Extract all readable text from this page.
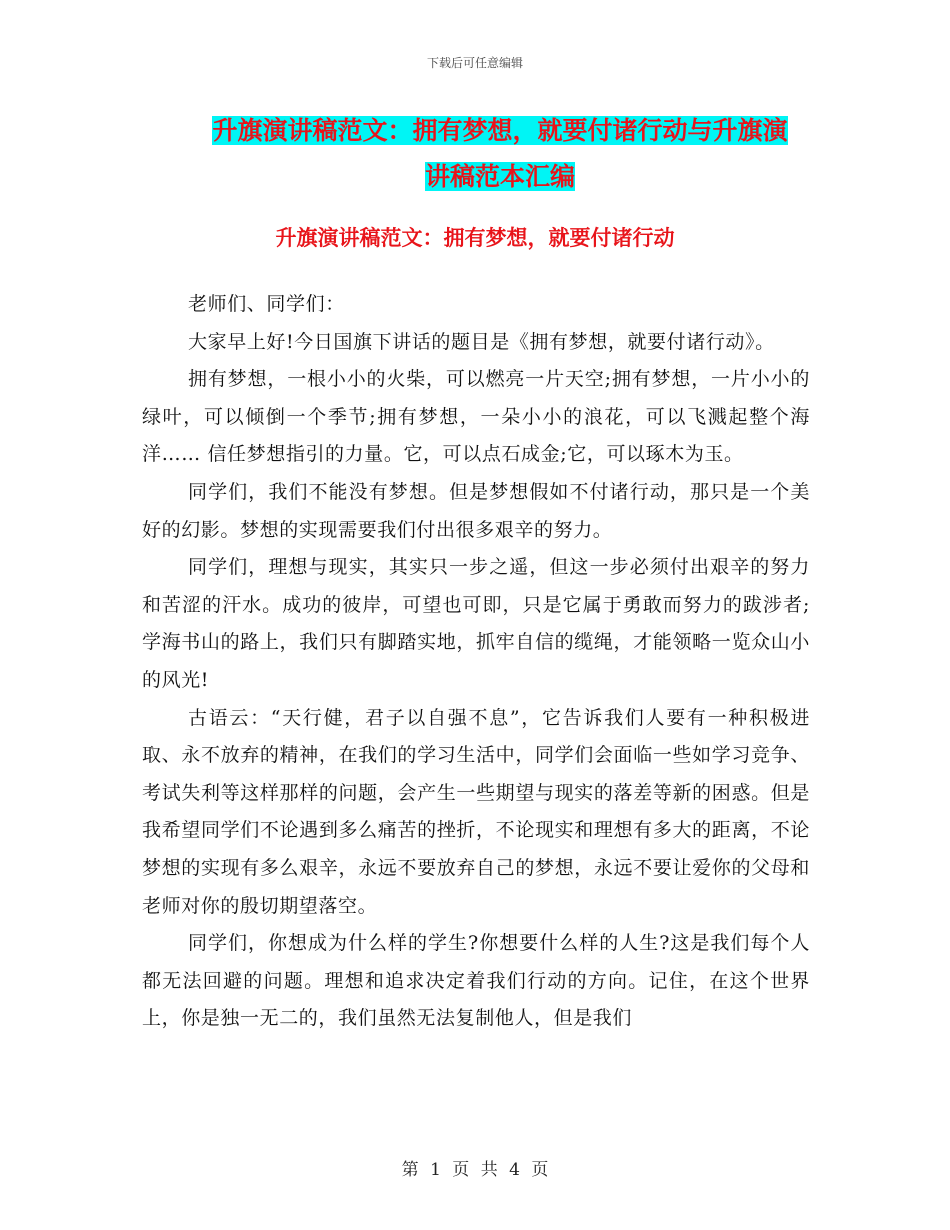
下载后可任意编辑
升旗演讲稿范文：拥有梦想，就要付诸行动与升旗演
讲稿范本汇编
升旗演讲稿范文：拥有梦想，就要付诸行动

老师们、同学们：

大家早上好!今日国旗下讲话的题目是《拥有梦想，就要付诸行动》。

拥有梦想，一根小小的火柴，可以燃亮一片天空;拥有梦想，一片小小的绿叶，可以倾倒一个季节;拥有梦想，一朵小小的浪花，可以飞溅起整个海洋…… 信任梦想指引的力量。它，可以点石成金;它，可以琢木为玉。

同学们，我们不能没有梦想。但是梦想假如不付诸行动，那只是一个美好的幻影。梦想的实现需要我们付出很多艰辛的努力。

同学们，理想与现实，其实只一步之遥，但这一步必须付出艰辛的努力和苦涩的汗水。成功的彼岸，可望也可即，只是它属于勇敢而努力的跋涉者;学海书山的路上，我们只有脚踏实地，抓牢自信的缆绳，才能领略一览众山小的风光!

古语云：“天行健，君子以自强不息”，它告诉我们人要有一种积极进取、永不放弃的精神，在我们的学习生活中，同学们会面临一些如学习竞争、考试失利等这样那样的问题，会产生一些期望与现实的落差等新的困惑。但是我希望同学们不论遇到多么痛苦的挫折，不论现实和理想有多大的距离，不论梦想的实现有多么艰辛，永远不要放弃自己的梦想，永远不要让爱你的父母和老师对你的殷切期望落空。

同学们，你想成为什么样的学生?你想要什么样的人生?这是我们每个人都无法回避的问题。理想和追求决定着我们行动的方向。记住，在这个世界上，你是独一无二的，我们虽然无法复制他人，但是我们

第 1 页 共 4 页
